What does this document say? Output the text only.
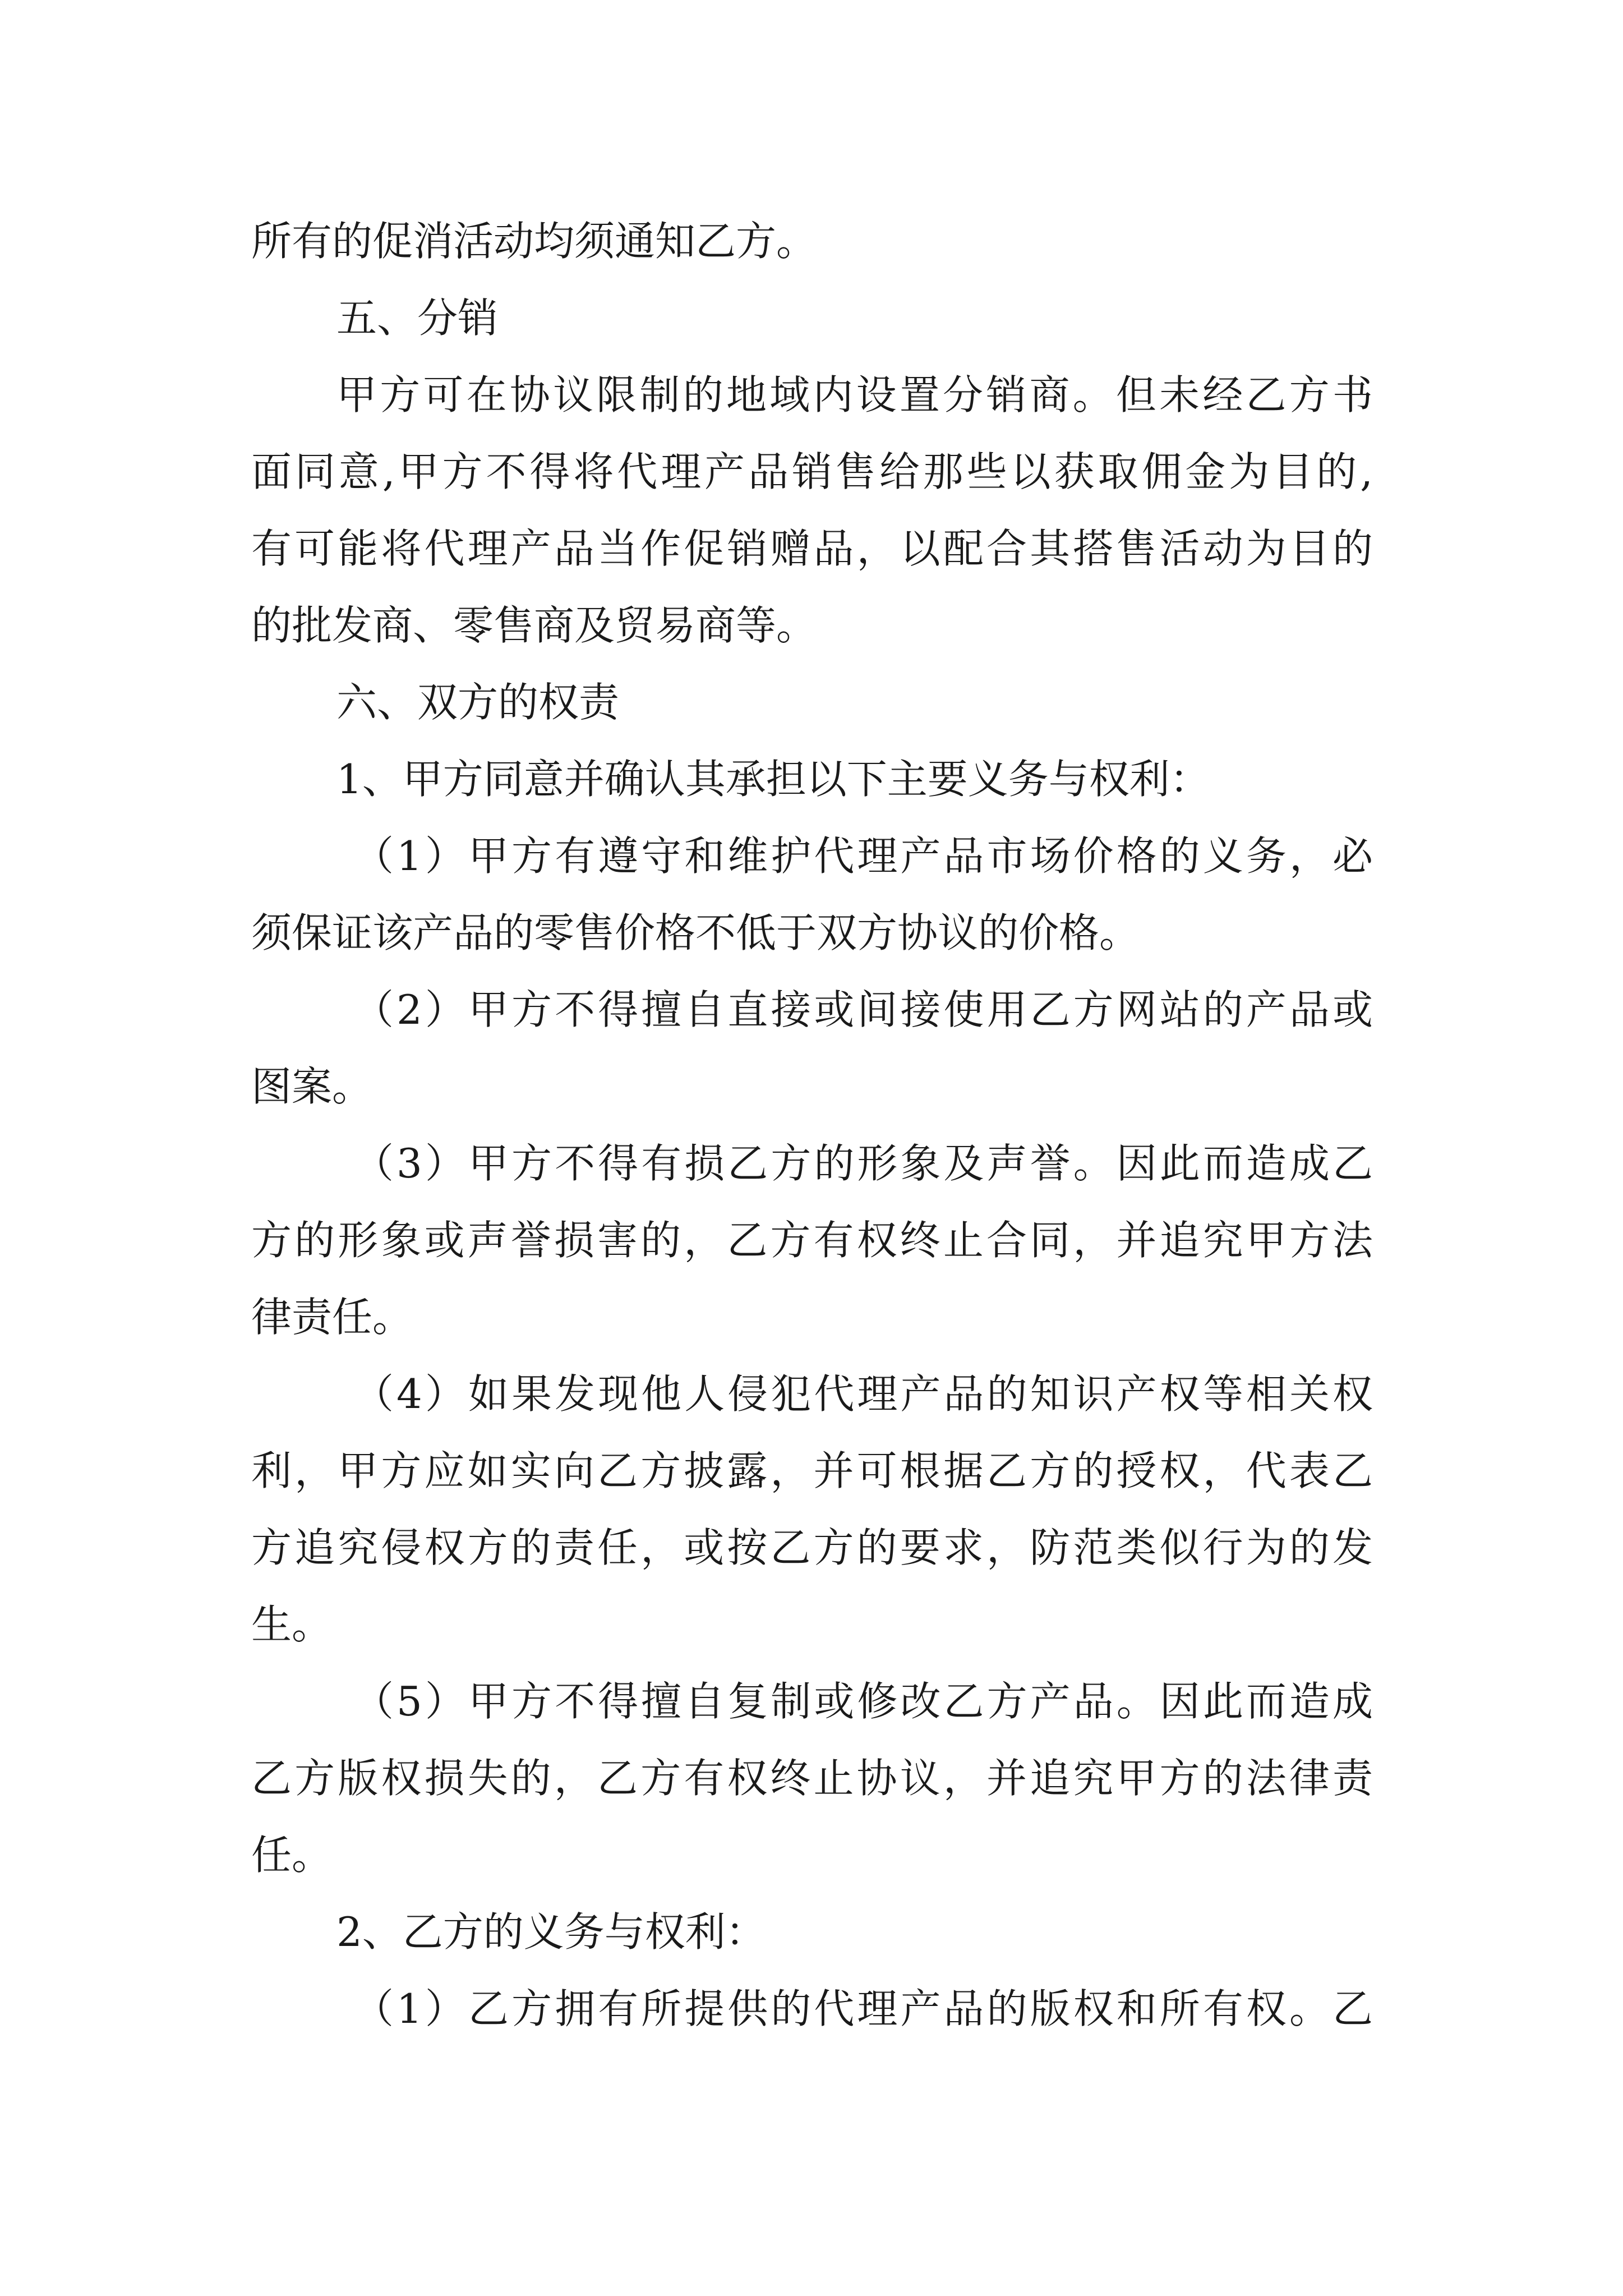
所有的促消活动均须通知乙方。
五、分销
甲方可在协议限制的地域内设置分销商。但未经乙方书
面同意,甲方不得将代理产品销售给那些以获取佣金为目的,
有可能将代理产品当作促销赠品，以配合其搭售活动为目的
的批发商、零售商及贸易商等。
六、双方的权责
1、甲方同意并确认其承担以下主要义务与权利：
（1）甲方有遵守和维护代理产品市场价格的义务，必
须保证该产品的零售价格不低于双方协议的价格。
（2）甲方不得擅自直接或间接使用乙方网站的产品或
图案。
（3）甲方不得有损乙方的形象及声誉。因此而造成乙
方的形象或声誉损害的，乙方有权终止合同，并追究甲方法
律责任。
（4）如果发现他人侵犯代理产品的知识产权等相关权
利，甲方应如实向乙方披露，并可根据乙方的授权，代表乙
方追究侵权方的责任，或按乙方的要求，防范类似行为的发
生。
（5）甲方不得擅自复制或修改乙方产品。因此而造成
乙方版权损失的，乙方有权终止协议，并追究甲方的法律责
任。
2、乙方的义务与权利：
（1）乙方拥有所提供的代理产品的版权和所有权。乙
